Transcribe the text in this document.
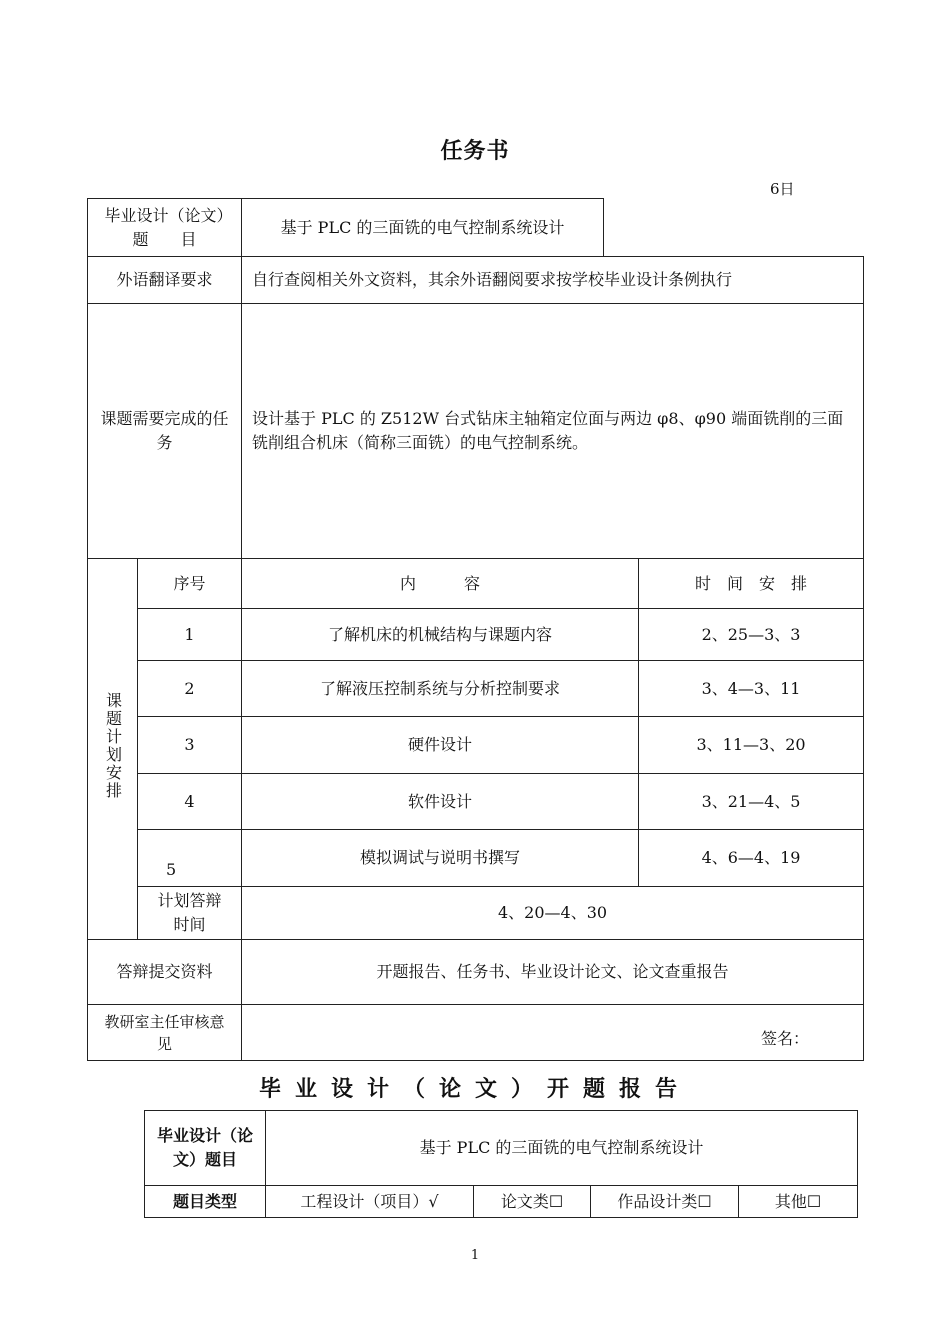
任务书
6日
毕业设计（论文）题　　目	基于 PLC 的三面铣的电气控制系统设计
外语翻译要求		自行查阅相关外文资料，其余外语翻阅要求按学校毕业设计条例执行	
课题需要完成的任务		设计基于 PLC 的 Z512W 台式钻床主轴箱定位面与两边 φ8、φ90 端面铣削的三面铣削组合机床（简称三面铣）的电气控制系统。	
课题计划安排	序号	内　　　容	时　间　安　排
	1	了解机床的机械结构与课题内容	2、25—3、3
	2	了解液压控制系统与分析控制要求	3、4—3、11
	3	硬件设计	3、11—3、20
	4	软件设计	3、21—4、5
	5	模拟调试与说明书撰写	4、6—4、19
	计划答辩时间	4、20—4、30	
答辩提交资料		开题报告、任务书、毕业设计论文、论文查重报告	
教研室主任审核意见		签名：	
毕业设计（论文）开题报告
毕业设计（论文）题目	基于 PLC 的三面铣的电气控制系统设计			
题目类型	工程设计（项目）√	论文类☐	作品设计类☐	其他☐
1
